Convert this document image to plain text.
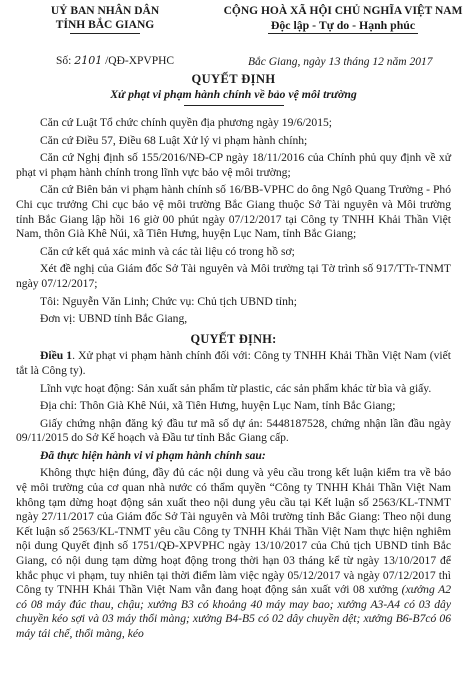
UỶ BAN NHÂN DÂN
TỈNH BẮC GIANG
CỘNG HOÀ XÃ HỘI CHỦ NGHĨA VIỆT NAM
Độc lập - Tự do - Hạnh phúc
Số: 2101 /QĐ-XPVPHC	Bắc Giang, ngày 13 tháng 12 năm 2017
QUYẾT ĐỊNH
Xử phạt vi phạm hành chính về bảo vệ môi trường

Căn cứ Luật Tổ chức chính quyền địa phương ngày 19/6/2015;

Căn cứ Điều 57, Điều 68 Luật Xử lý vi phạm hành chính;

Căn cứ Nghị định số 155/2016/NĐ-CP ngày 18/11/2016 của Chính phủ quy định về xử phạt vi phạm hành chính trong lĩnh vực bảo vệ môi trường;

Căn cứ Biên bản vi phạm hành chính số 16/BB-VPHC do ông Ngô Quang Trường - Phó Chi cục trưởng Chi cục bảo vệ môi trường Bắc Giang thuộc Sở Tài nguyên và Môi trường tỉnh Bắc Giang lập hồi 16 giờ 00 phút ngày 07/12/2017 tại Công ty TNHH Khải Thần Việt Nam, thôn Già Khê Núi, xã Tiên Hưng, huyện Lục Nam, tỉnh Bắc Giang;

Căn cứ kết quả xác minh và các tài liệu có trong hồ sơ;

Xét đề nghị của Giám đốc Sở Tài nguyên và Môi trường tại Tờ trình số 917/TTr-TNMT ngày 07/12/2017;

Tôi: Nguyễn Văn Linh; Chức vụ: Chủ tịch UBND tỉnh;

Đơn vị: UBND tỉnh Bắc Giang,

QUYẾT ĐỊNH:

Điều 1. Xử phạt vi phạm hành chính đối với: Công ty TNHH Khải Thần Việt Nam (viết tắt là Công ty).

Lĩnh vực hoạt động: Sản xuất sản phẩm từ plastic, các sản phẩm khác từ bìa và giấy.

Địa chỉ: Thôn Già Khê Núi, xã Tiên Hưng, huyện Lục Nam, tỉnh Bắc Giang;

Giấy chứng nhận đăng ký đầu tư mã số dự án: 5448187528, chứng nhận lần đầu ngày 09/11/2015 do Sở Kế hoạch và Đầu tư tỉnh Bắc Giang cấp.

Đã thực hiện hành vi vi phạm hành chính sau:

Không thực hiện đúng, đầy đủ các nội dung và yêu cầu trong kết luận kiểm tra về bảo vệ môi trường của cơ quan nhà nước có thẩm quyền “Công ty TNHH Khải Thần Việt Nam không tạm dừng hoạt động sản xuất theo nội dung yêu cầu tại Kết luận số 2563/KL-TNMT ngày 27/11/2017 của Giám đốc Sở Tài nguyên và Môi trường tỉnh Bắc Giang: Theo nội dung Kết luận số 2563/KL-TNMT yêu cầu Công ty TNHH Khải Thần Việt Nam thực hiện nghiêm nội dung Quyết định số 1751/QĐ-XPVPHC ngày 13/10/2017 của Chủ tịch UBND tỉnh Bắc Giang, có nội dung tạm dừng hoạt động trong thời hạn 03 tháng kể từ ngày 13/10/2017 để khắc phục vi phạm, tuy nhiên tại thời điểm làm việc ngày 05/12/2017 và ngày 07/12/2017 thì Công ty TNHH Khải Thần Việt Nam vẫn đang hoạt động sản xuất với 08 xưởng (xưởng A2 có 08 máy đúc thau, chậu; xưởng B3 có khoảng 40 máy may bao; xưởng A3-A4 có 03 dây chuyền kéo sợi và 03 máy thổi màng; xưởng B4-B5 có 02 dây chuyền dệt; xưởng B6-B7có 06 máy tái chế, thổi màng, kéo
